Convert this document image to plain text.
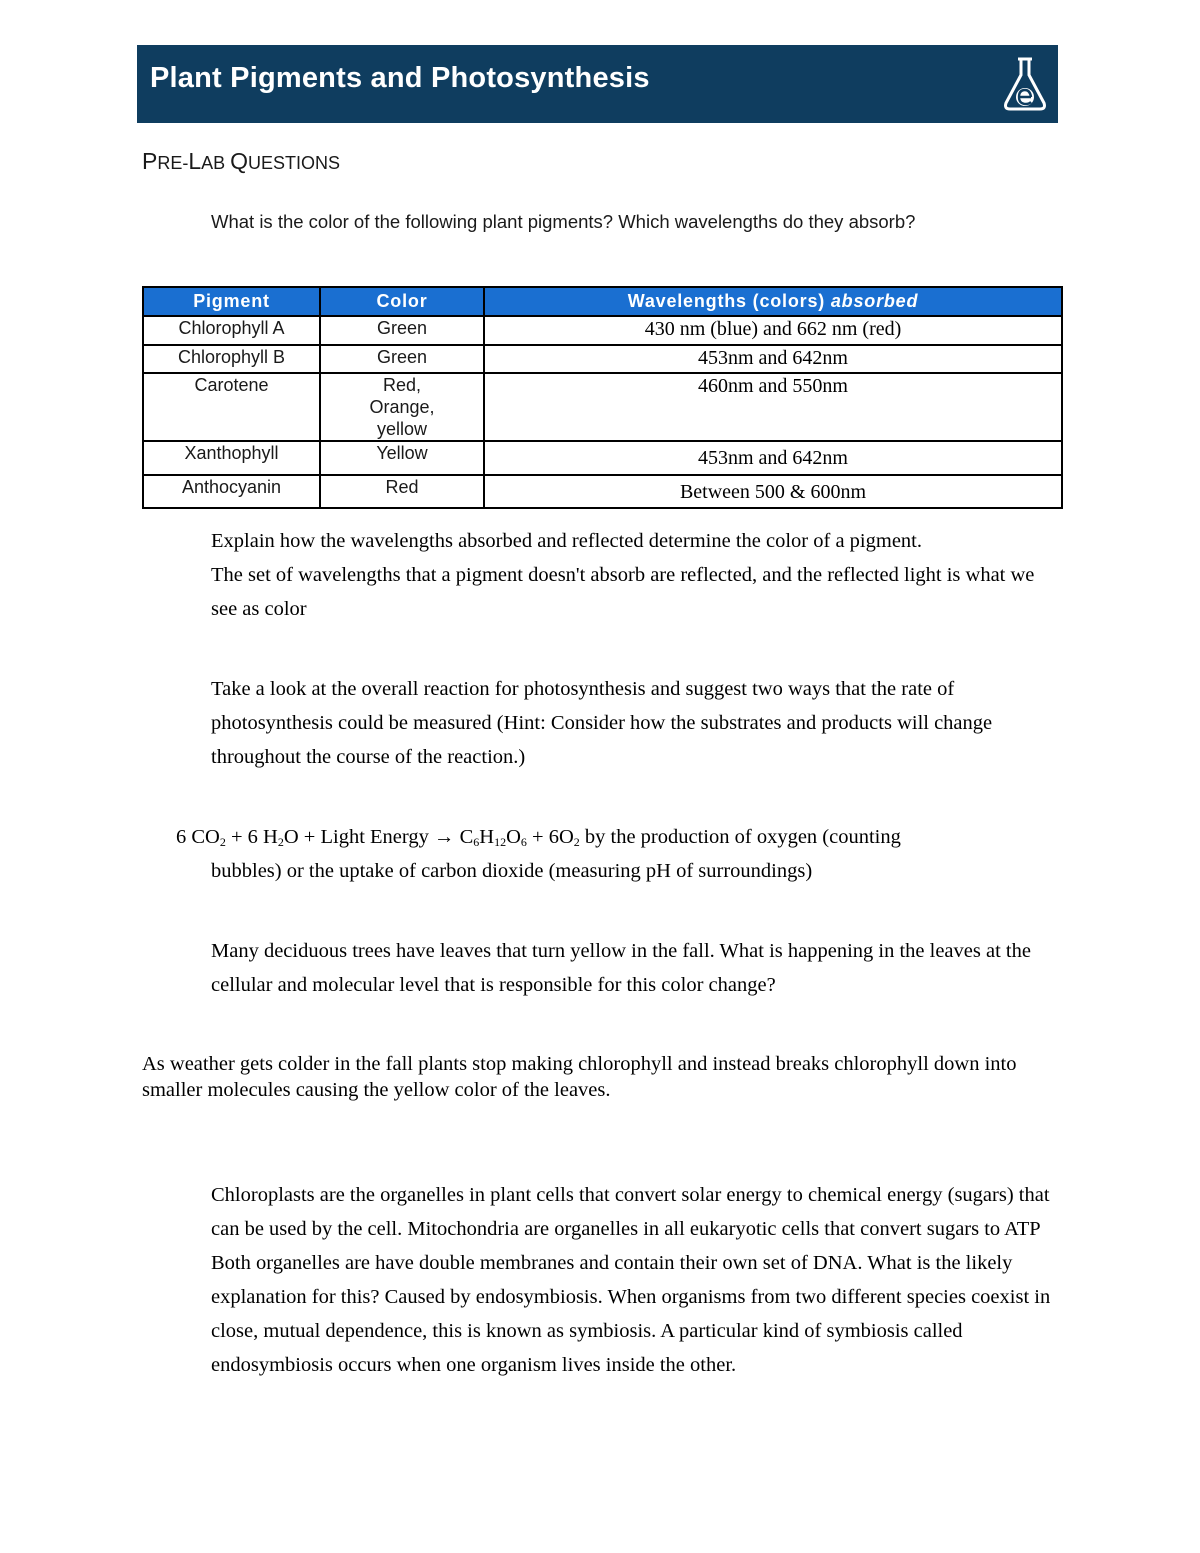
Plant Pigments and Photosynthesis
PRE-LAB QUESTIONS
What is the color of the following plant pigments? Which wavelengths do they absorb?
Pigment	Color	Wavelengths (colors) absorbed
Chlorophyll A	Green	430 nm (blue) and 662 nm (red)
Chlorophyll B	Green	453nm and 642nm
Carotene	Red, Orange, yellow	460nm and 550nm
Xanthophyll	Yellow	453nm and 642nm
Anthocyanin	Red	Between 500 & 600nm
Explain how the wavelengths absorbed and reflected determine the color of a pigment.
The set of wavelengths that a pigment doesn't absorb are reflected, and the reflected light is what we see as color
Take a look at the overall reaction for photosynthesis and suggest two ways that the rate of photosynthesis could be measured (Hint: Consider how the substrates and products will change throughout the course of the reaction.)
6 $CO_2 + 6$ $H_2O$ + Light Energy → $C_6H_{12}O_6 + 6O_2$ by the production of oxygen (counting
bubbles) or the uptake of carbon dioxide (measuring pH of surroundings)
Many deciduous trees have leaves that turn yellow in the fall. What is happening in the leaves at the cellular and molecular level that is responsible for this color change?
As weather gets colder in the fall plants stop making chlorophyll and instead breaks chlorophyll down into smaller molecules causing the yellow color of the leaves.
Chloroplasts are the organelles in plant cells that convert solar energy to chemical energy (sugars) that can be used by the cell. Mitochondria are organelles in all eukaryotic cells that convert sugars to ATP Both organelles are have double membranes and contain their own set of DNA. What is the likely explanation for this? Caused by endosymbiosis. When organisms from two different species coexist in close, mutual dependence, this is known as symbiosis. A particular kind of symbiosis called endosymbiosis occurs when one organism lives inside the other.
